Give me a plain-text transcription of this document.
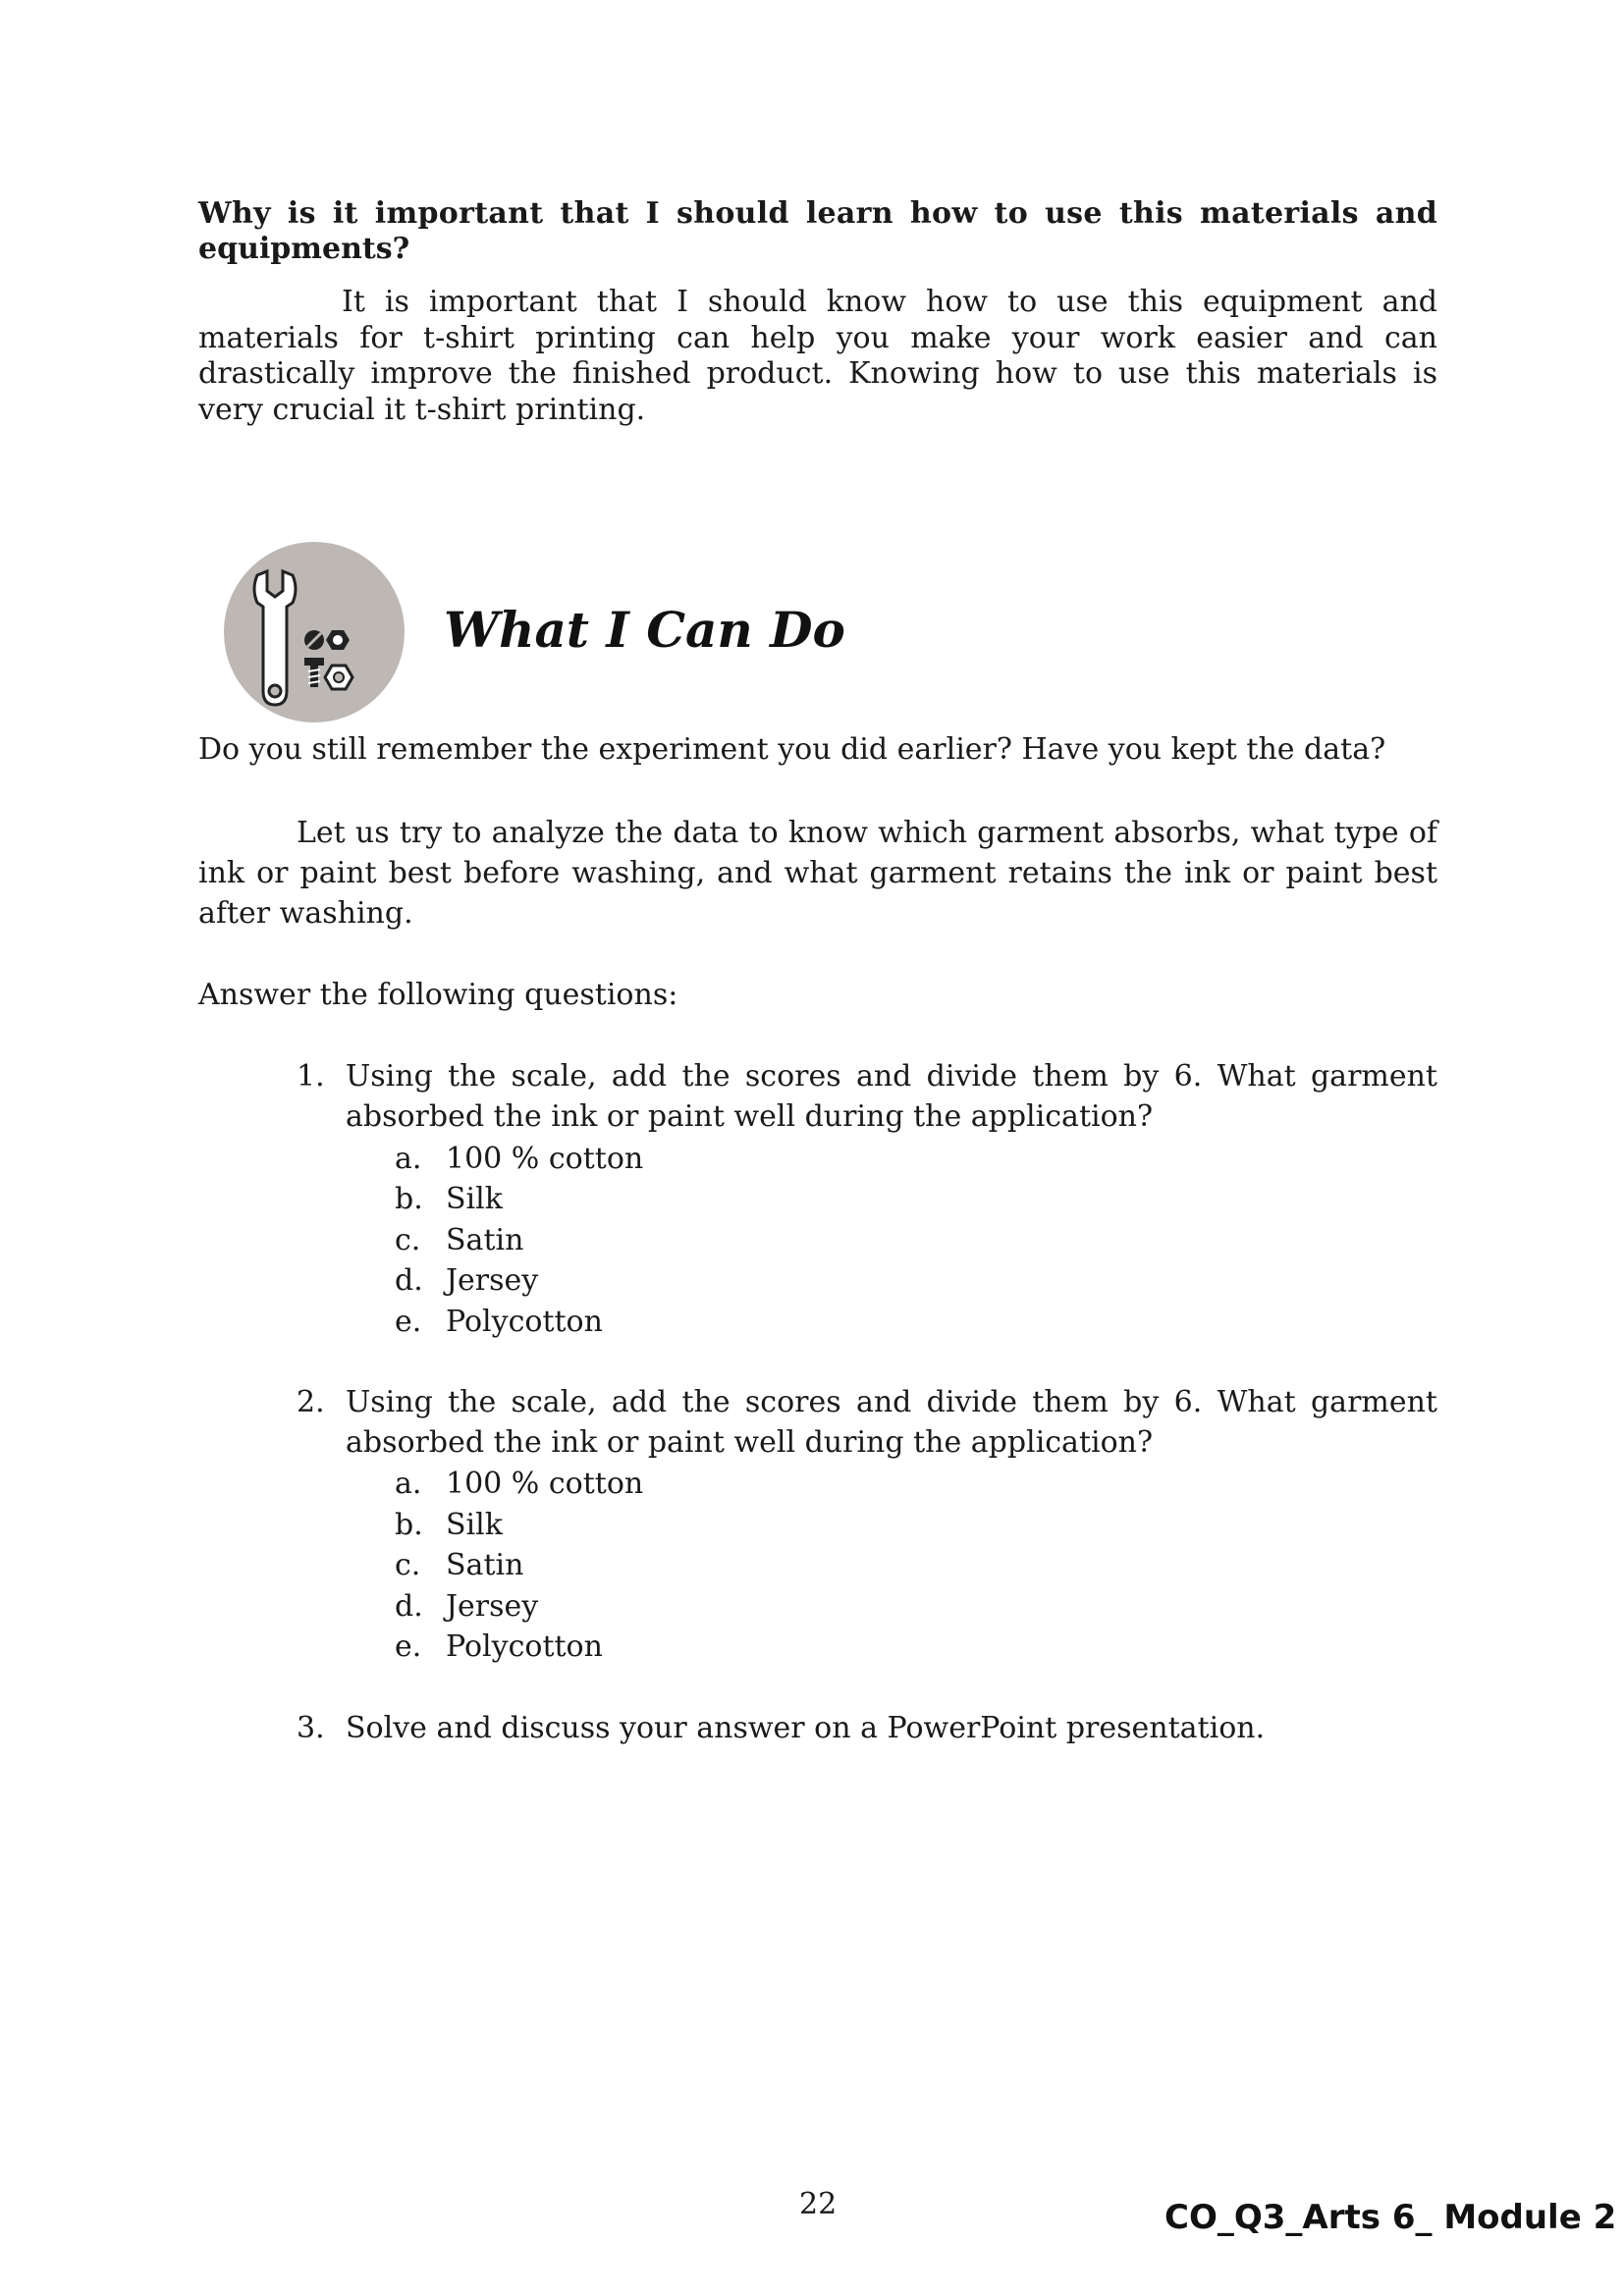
Why is it important that I should learn how to use this materials and
equipments?
It is important that I should know how to use this equipment and materials for t-shirt printing can help you make your work easier and can drastically improve the finished product. Knowing how to use this materials is very crucial it t-shirt printing.
What I Can Do
Do you still remember the experiment you did earlier? Have you kept the data?
Let us try to analyze the data to know which garment absorbs, what type of ink or paint best before washing, and what garment retains the ink or paint best after washing.
Answer the following questions:
1. Using the scale, add the scores and divide them by 6. What garment absorbed the ink or paint well during the application?
a. 100 % cotton
b. Silk
c. Satin
d. Jersey
e. Polycotton
2. Using the scale, add the scores and divide them by 6. What garment absorbed the ink or paint well during the application?
a. 100 % cotton
b. Silk
c. Satin
d. Jersey
e. Polycotton
3. Solve and discuss your answer on a PowerPoint presentation.
22	CO_Q3_Arts 6_ Module 2
